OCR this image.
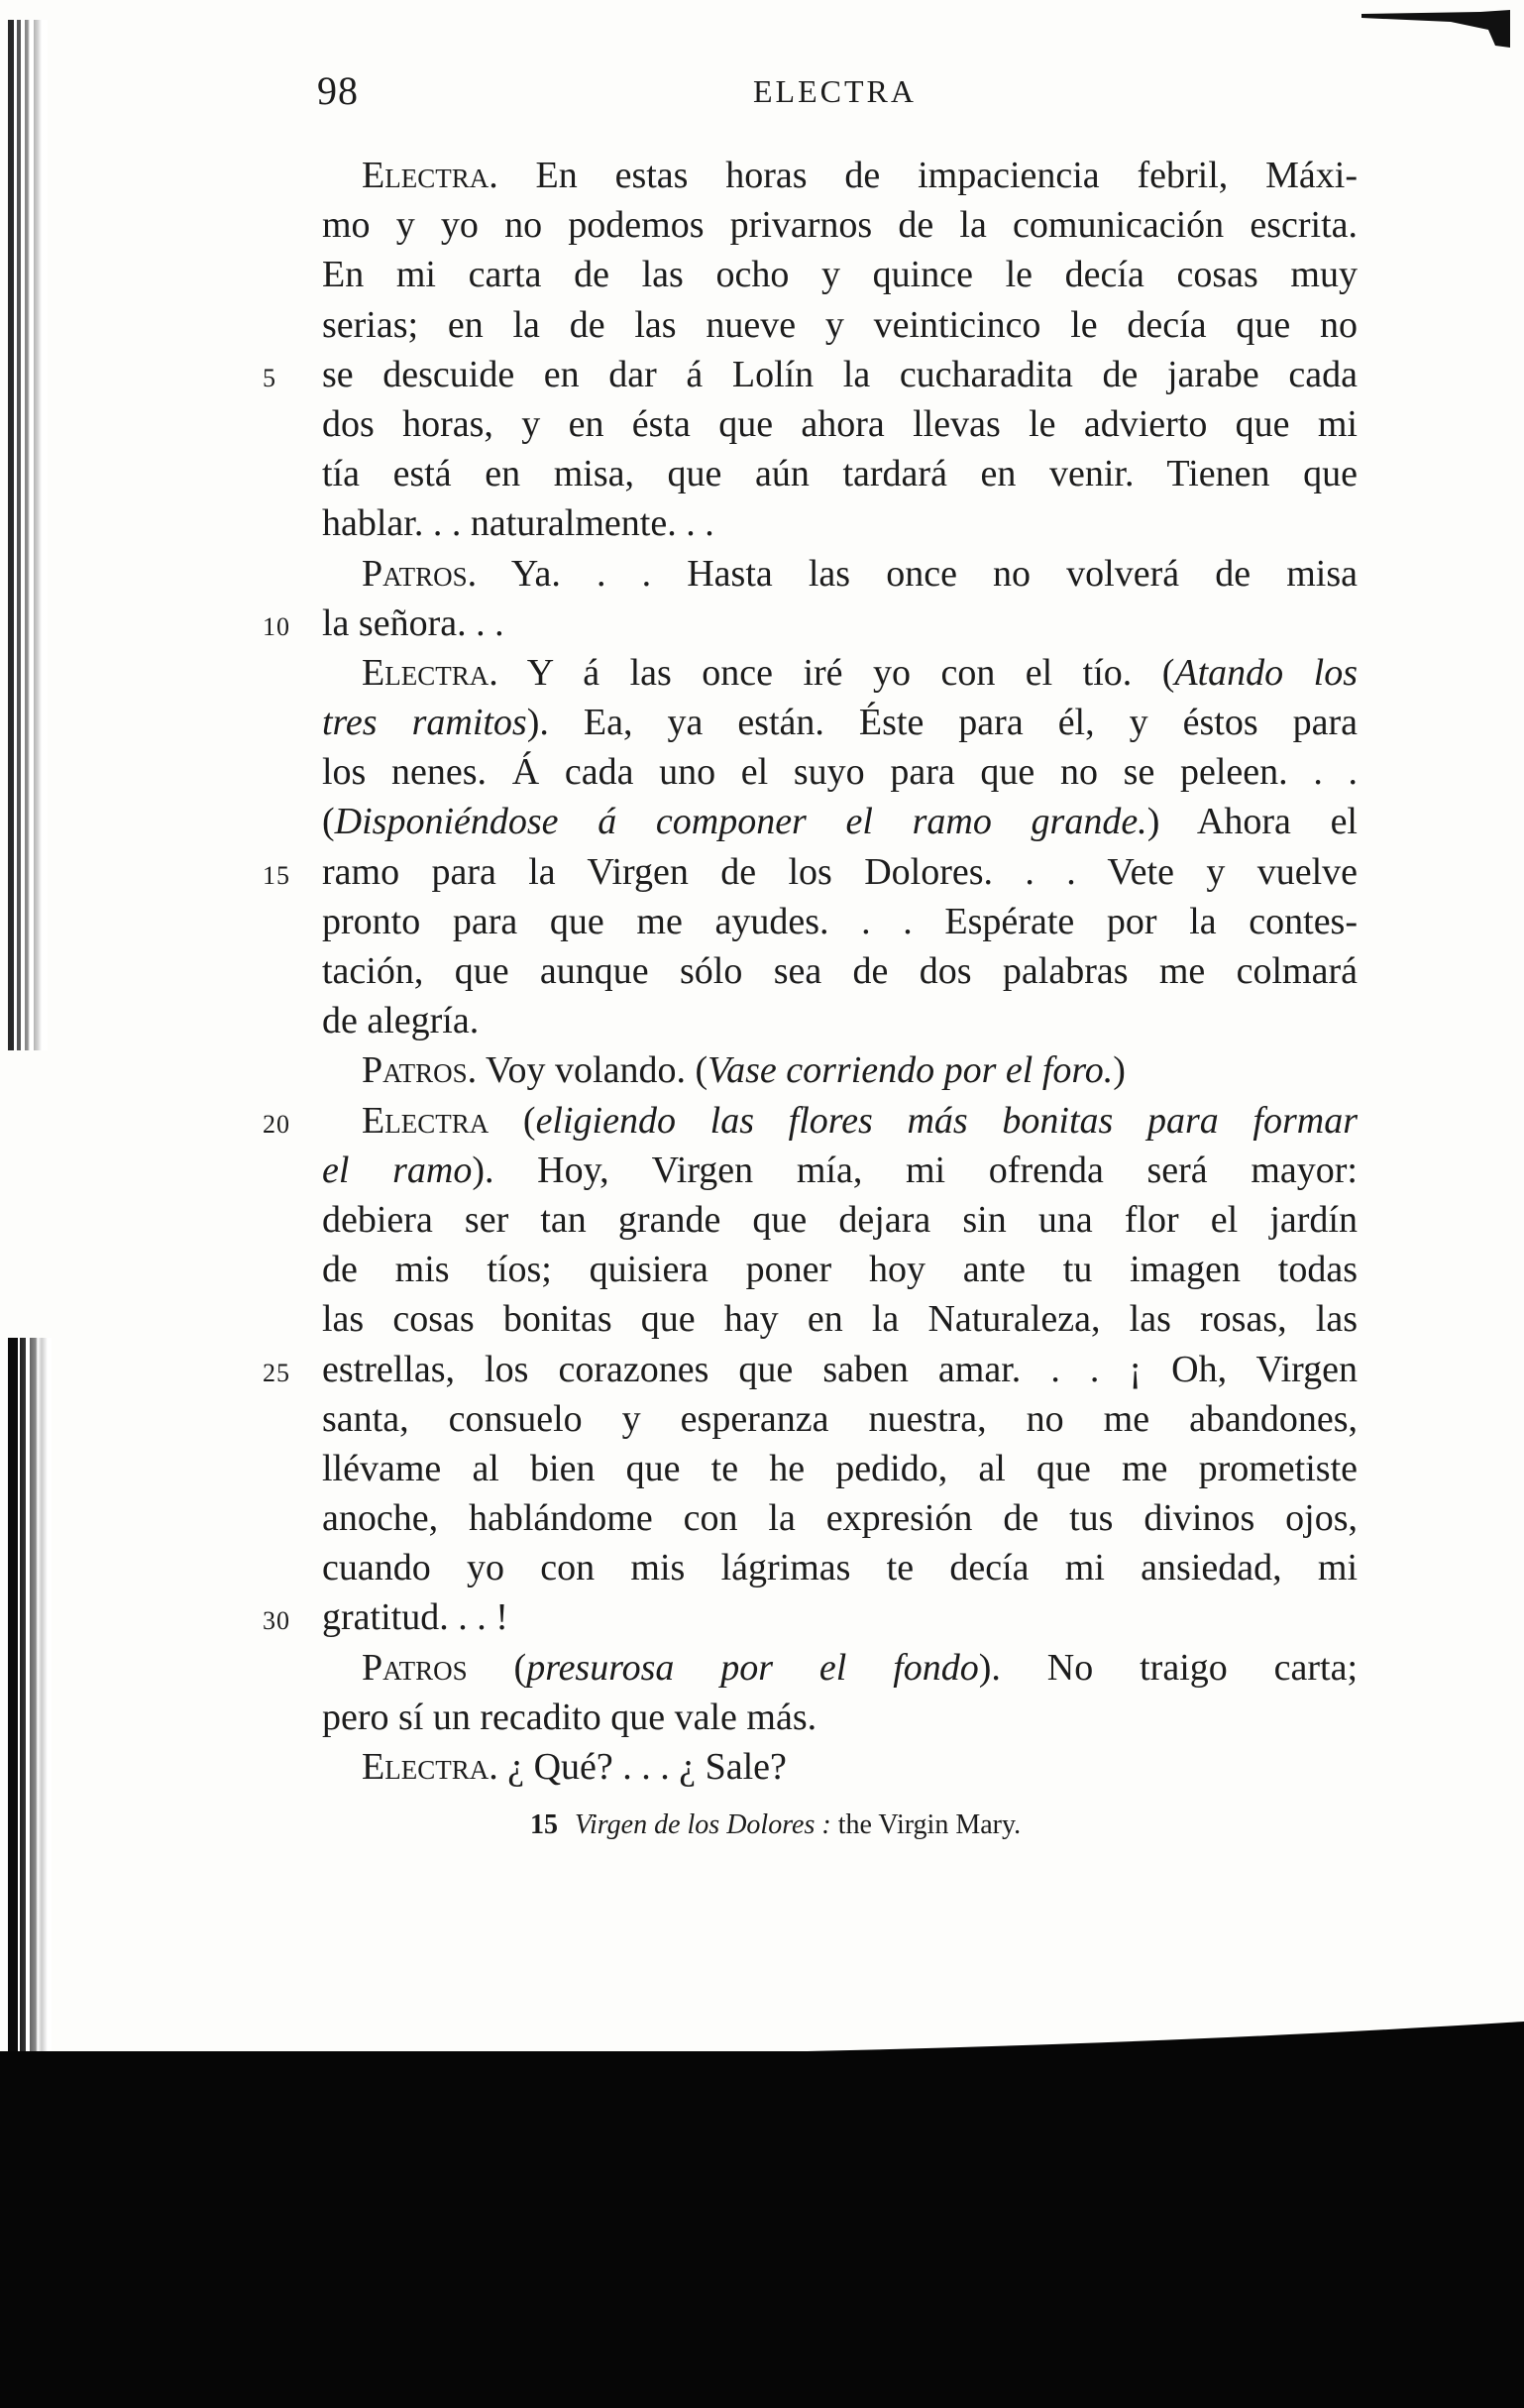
98	ELECTRA
Electra. En estas horas de impaciencia febril, Máxi-
mo y yo no podemos privarnos de la comunicación escrita.
En mi carta de las ocho y quince le decía cosas muy
serias; en la de las nueve y veinticinco le decía que no
5	se descuide en dar á Lolín la cucharadita de jarabe cada
dos horas, y en ésta que ahora llevas le advierto que mi
tía está en misa, que aún tardará en venir. Tienen que
hablar. . . naturalmente. . .
Patros. Ya. . . Hasta las once no volverá de misa
10 la señora. . .
Electra. Y á las once iré yo con el tío. (Atando los
tres ramitos). Ea, ya están. Éste para él, y éstos para
los nenes. Á cada uno el suyo para que no se peleen. . .
(Disponiéndose á componer el ramo grande.) Ahora el
15 ramo para la Virgen de los Dolores. . . Vete y vuelve
pronto para que me ayudes. . . Espérate por la contes-
tación, que aunque sólo sea de dos palabras me colmará
de alegría.
Patros. Voy volando. (Vase corriendo por el foro.)
20	Electra (eligiendo las flores más bonitas para formar
el ramo). Hoy, Virgen mía, mi ofrenda será mayor:
debiera ser tan grande que dejara sin una flor el jardín
de mis tíos; quisiera poner hoy ante tu imagen todas
las cosas bonitas que hay en la Naturaleza, las rosas, las
25 estrellas, los corazones que saben amar. . . ¡ Oh, Virgen
santa, consuelo y esperanza nuestra, no me abandones,
llévame al bien que te he pedido, al que me prometiste
anoche, hablándome con la expresión de tus divinos ojos,
cuando yo con mis lágrimas te decía mi ansiedad, mi
30 gratitud. . . !
Patros (presurosa por el fondo). No traigo carta;
pero sí un recadito que vale más.
Electra. ¿ Qué? . . . ¿ Sale?
15 Virgen de los Dolores : the Virgin Mary.
